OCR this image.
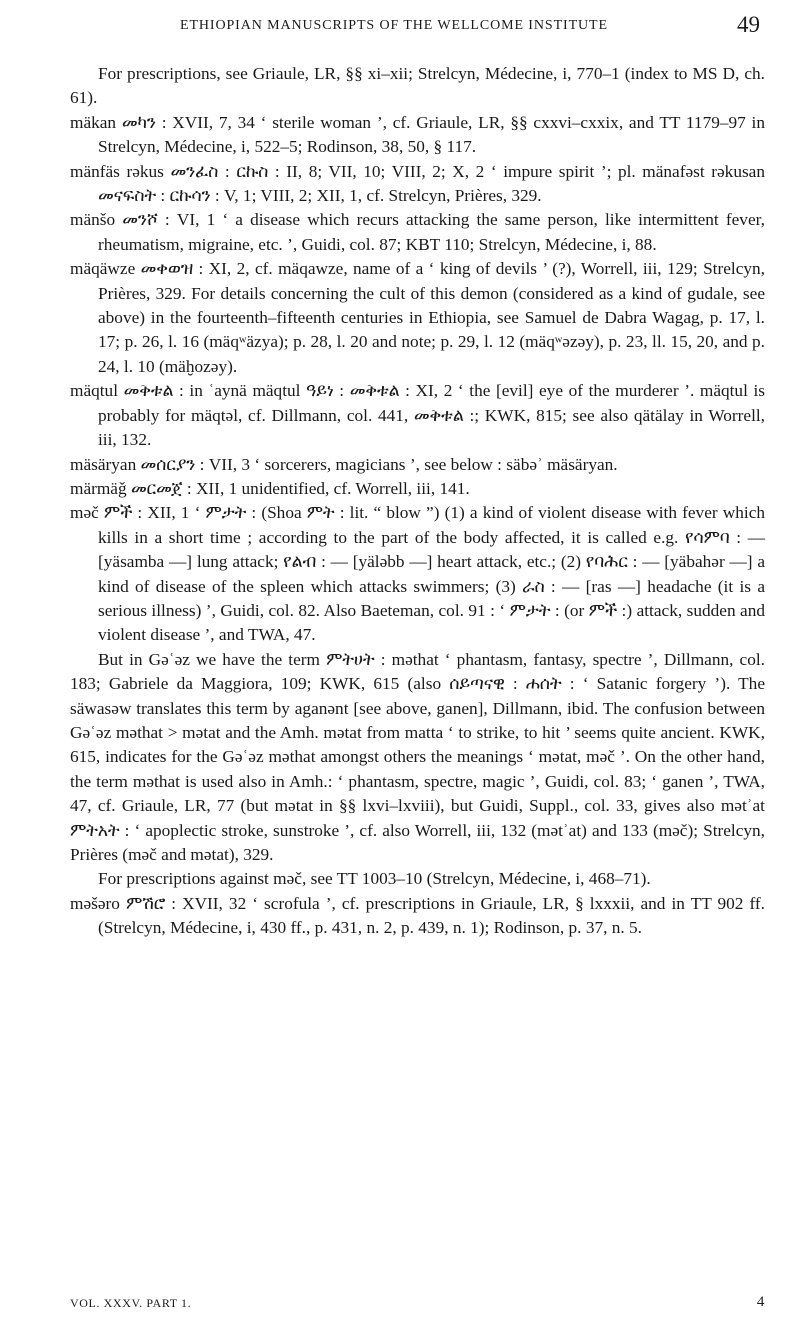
ETHIOPIAN MANUSCRIPTS OF THE WELLCOME INSTITUTE	49

For prescriptions, see Griaule, LR, §§ xi–xii; Strelcyn, Médecine, i, 770–1 (index to MS D, ch. 61).

mäkan መካን : XVII, 7, 34 ‘ sterile woman ’, cf. Griaule, LR, §§ cxxvi–cxxix, and TT 1179–97 in Strelcyn, Médecine, i, 522–5; Rodinson, 38, 50, § 117.

mänfäs rəkus መንፈስ : ርኩስ : II, 8; VII, 10; VIII, 2; X, 2 ‘ impure spirit ’; pl. mänafəst rəkusan መናፍስት : ርኩሳን : V, 1; VIII, 2; XII, 1, cf. Strelcyn, Prières, 329.

mänšo መንሾ : VI, 1 ‘ a disease which recurs attacking the same person, like intermittent fever, rheumatism, migraine, etc. ’, Guidi, col. 87; KBT 110; Strelcyn, Médecine, i, 88.

mäqäwze መቀወዝ : XI, 2, cf. mäqawze, name of a ‘ king of devils ’ (?), Worrell, iii, 129; Strelcyn, Prières, 329. For details concerning the cult of this demon (considered as a kind of gudale, see above) in the fourteenth–fifteenth centuries in Ethiopia, see Samuel de Dabra Wagag, p. 17, l. 17; p. 26, l. 16 (mäqʷäzya); p. 28, l. 20 and note; p. 29, l. 12 (mäqʷəzəy), p. 23, ll. 15, 20, and p. 24, l. 10 (mäḫozəy).

mäqtul መቅቱል : in ʿaynä mäqtul ዓይነ : መቅቱል : XI, 2 ‘ the [evil] eye of the murderer ’. mäqtul is probably for mäqtəl, cf. Dillmann, col. 441, መቅቱል :; KWK, 815; see also qätälay in Worrell, iii, 132.

mäsäryan መሰርያን : VII, 3 ‘ sorcerers, magicians ’, see below : säbəʾ mäsäryan.

märmäǧ መርመጀ : XII, 1 unidentified, cf. Worrell, iii, 141.

məč ምች : XII, 1 ‘ ምታት : (Shoa ምት : lit. “ blow ”) (1) a kind of violent disease with fever which kills in a short time ; according to the part of the body affected, it is called e.g. የሳምባ : — [yäsamba —] lung attack; የልብ : — [yäləbb —] heart attack, etc.; (2) የባሕር : — [yäbahər —] a kind of disease of the spleen which attacks swimmers; (3) ራስ : — [ras —] headache (it is a serious illness) ’, Guidi, col. 82. Also Baeteman, col. 91 : ‘ ምታት : (or ምች :) attack, sudden and violent disease ’, and TWA, 47.

But in Gəʿəz we have the term ምትሀት : məthat ‘ phantasm, fantasy, spectre ’, Dillmann, col. 183; Gabriele da Maggiora, 109; KWK, 615 (also ሰይጣናዊ : ሐሰት : ‘ Satanic forgery ’). The säwasəw translates this term by aganənt [see above, ganen], Dillmann, ibid. The confusion between Gəʿəz məthat > mətat and the Amh. mətat from matta ‘ to strike, to hit ’ seems quite ancient. KWK, 615, indicates for the Gəʿəz məthat amongst others the meanings ‘ mətat, məč ’. On the other hand, the term məthat is used also in Amh.: ‘ phantasm, spectre, magic ’, Guidi, col. 83; ‘ ganen ’, TWA, 47, cf. Griaule, LR, 77 (but mətat in §§ lxvi–lxviii), but Guidi, Suppl., col. 33, gives also mətʾat ምትአት : ‘ apoplectic stroke, sunstroke ’, cf. also Worrell, iii, 132 (mətʾat) and 133 (məč); Strelcyn, Prières (məč and mətat), 329.

For prescriptions against məč, see TT 1003–10 (Strelcyn, Médecine, i, 468–71).

məšəro ምሽሮ : XVII, 32 ‘ scrofula ’, cf. prescriptions in Griaule, LR, § lxxxii, and in TT 902 ff. (Strelcyn, Médecine, i, 430 ff., p. 431, n. 2, p. 439, n. 1); Rodinson, p. 37, n. 5.

VOL. XXXV. PART 1.	4
